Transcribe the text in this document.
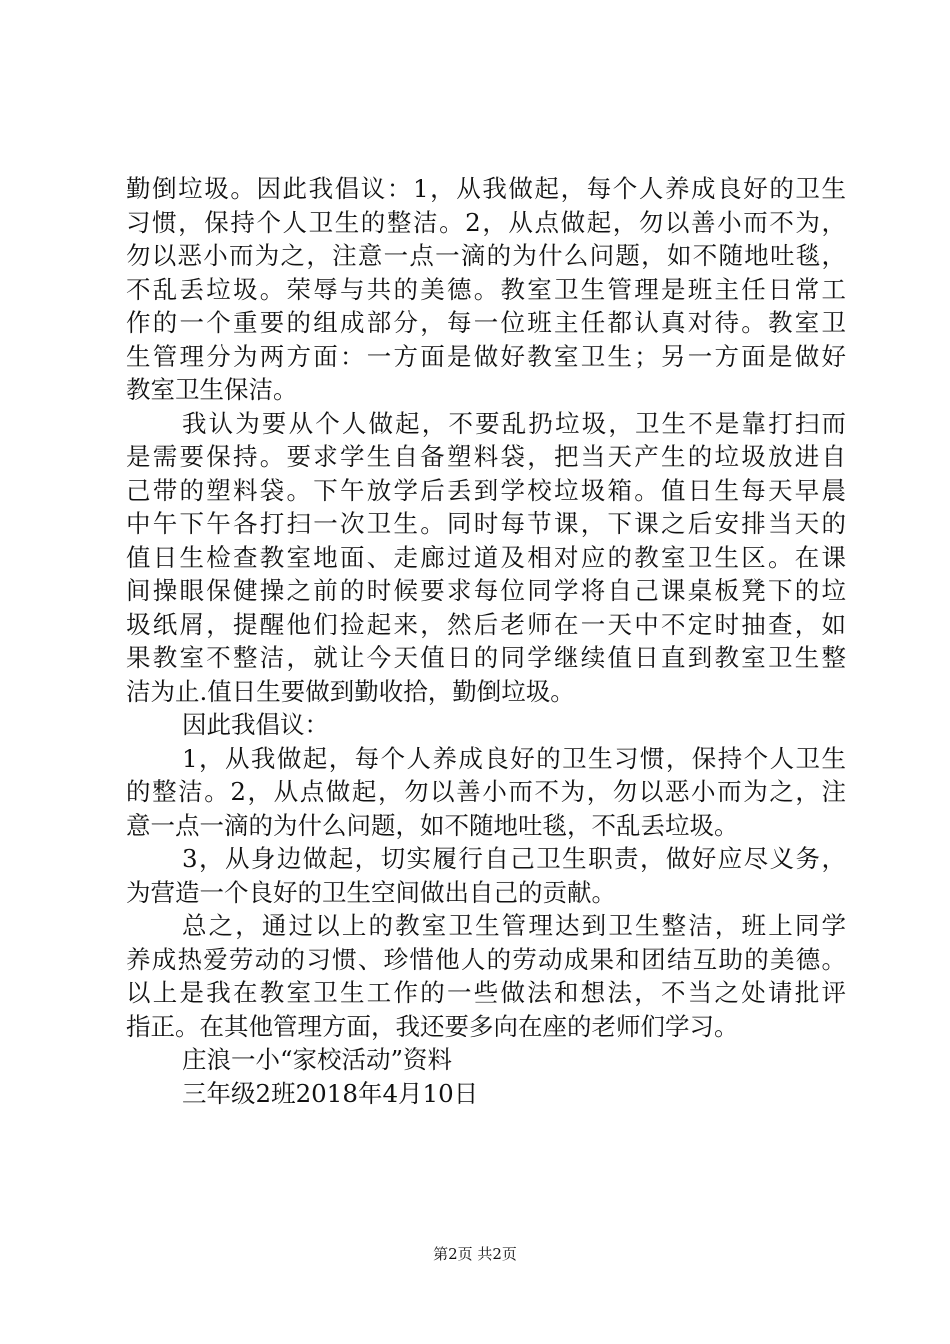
勤倒垃圾。因此我倡议：1，从我做起，每个人养成良好的卫生
习惯，保持个人卫生的整洁。2，从点做起，勿以善小而不为，
勿以恶小而为之，注意一点一滴的为什么问题，如不随地吐毯，
不乱丢垃圾。荣辱与共的美德。教室卫生管理是班主任日常工
作的一个重要的组成部分，每一位班主任都认真对待。教室卫
生管理分为两方面：一方面是做好教室卫生；另一方面是做好
教室卫生保洁。
我认为要从个人做起，不要乱扔垃圾，卫生不是靠打扫而
是需要保持。要求学生自备塑料袋，把当天产生的垃圾放进自
己带的塑料袋。下午放学后丢到学校垃圾箱。值日生每天早晨
中午下午各打扫一次卫生。同时每节课，下课之后安排当天的
值日生检查教室地面、走廊过道及相对应的教室卫生区。在课
间操眼保健操之前的时候要求每位同学将自己课桌板凳下的垃
圾纸屑，提醒他们捡起来，然后老师在一天中不定时抽查，如
果教室不整洁，就让今天值日的同学继续值日直到教室卫生整
洁为止.值日生要做到勤收拾，勤倒垃圾。
因此我倡议：
1，从我做起，每个人养成良好的卫生习惯，保持个人卫生
的整洁。2，从点做起，勿以善小而不为，勿以恶小而为之，注
意一点一滴的为什么问题，如不随地吐毯，不乱丢垃圾。
3，从身边做起，切实履行自己卫生职责，做好应尽义务，
为营造一个良好的卫生空间做出自己的贡献。
总之，通过以上的教室卫生管理达到卫生整洁，班上同学
养成热爱劳动的习惯、珍惜他人的劳动成果和团结互助的美德。
以上是我在教室卫生工作的一些做法和想法，不当之处请批评
指正。在其他管理方面，我还要多向在座的老师们学习。
庄浪一小“家校活动”资料
三年级2班2018年4月10日
第2页 共2页
